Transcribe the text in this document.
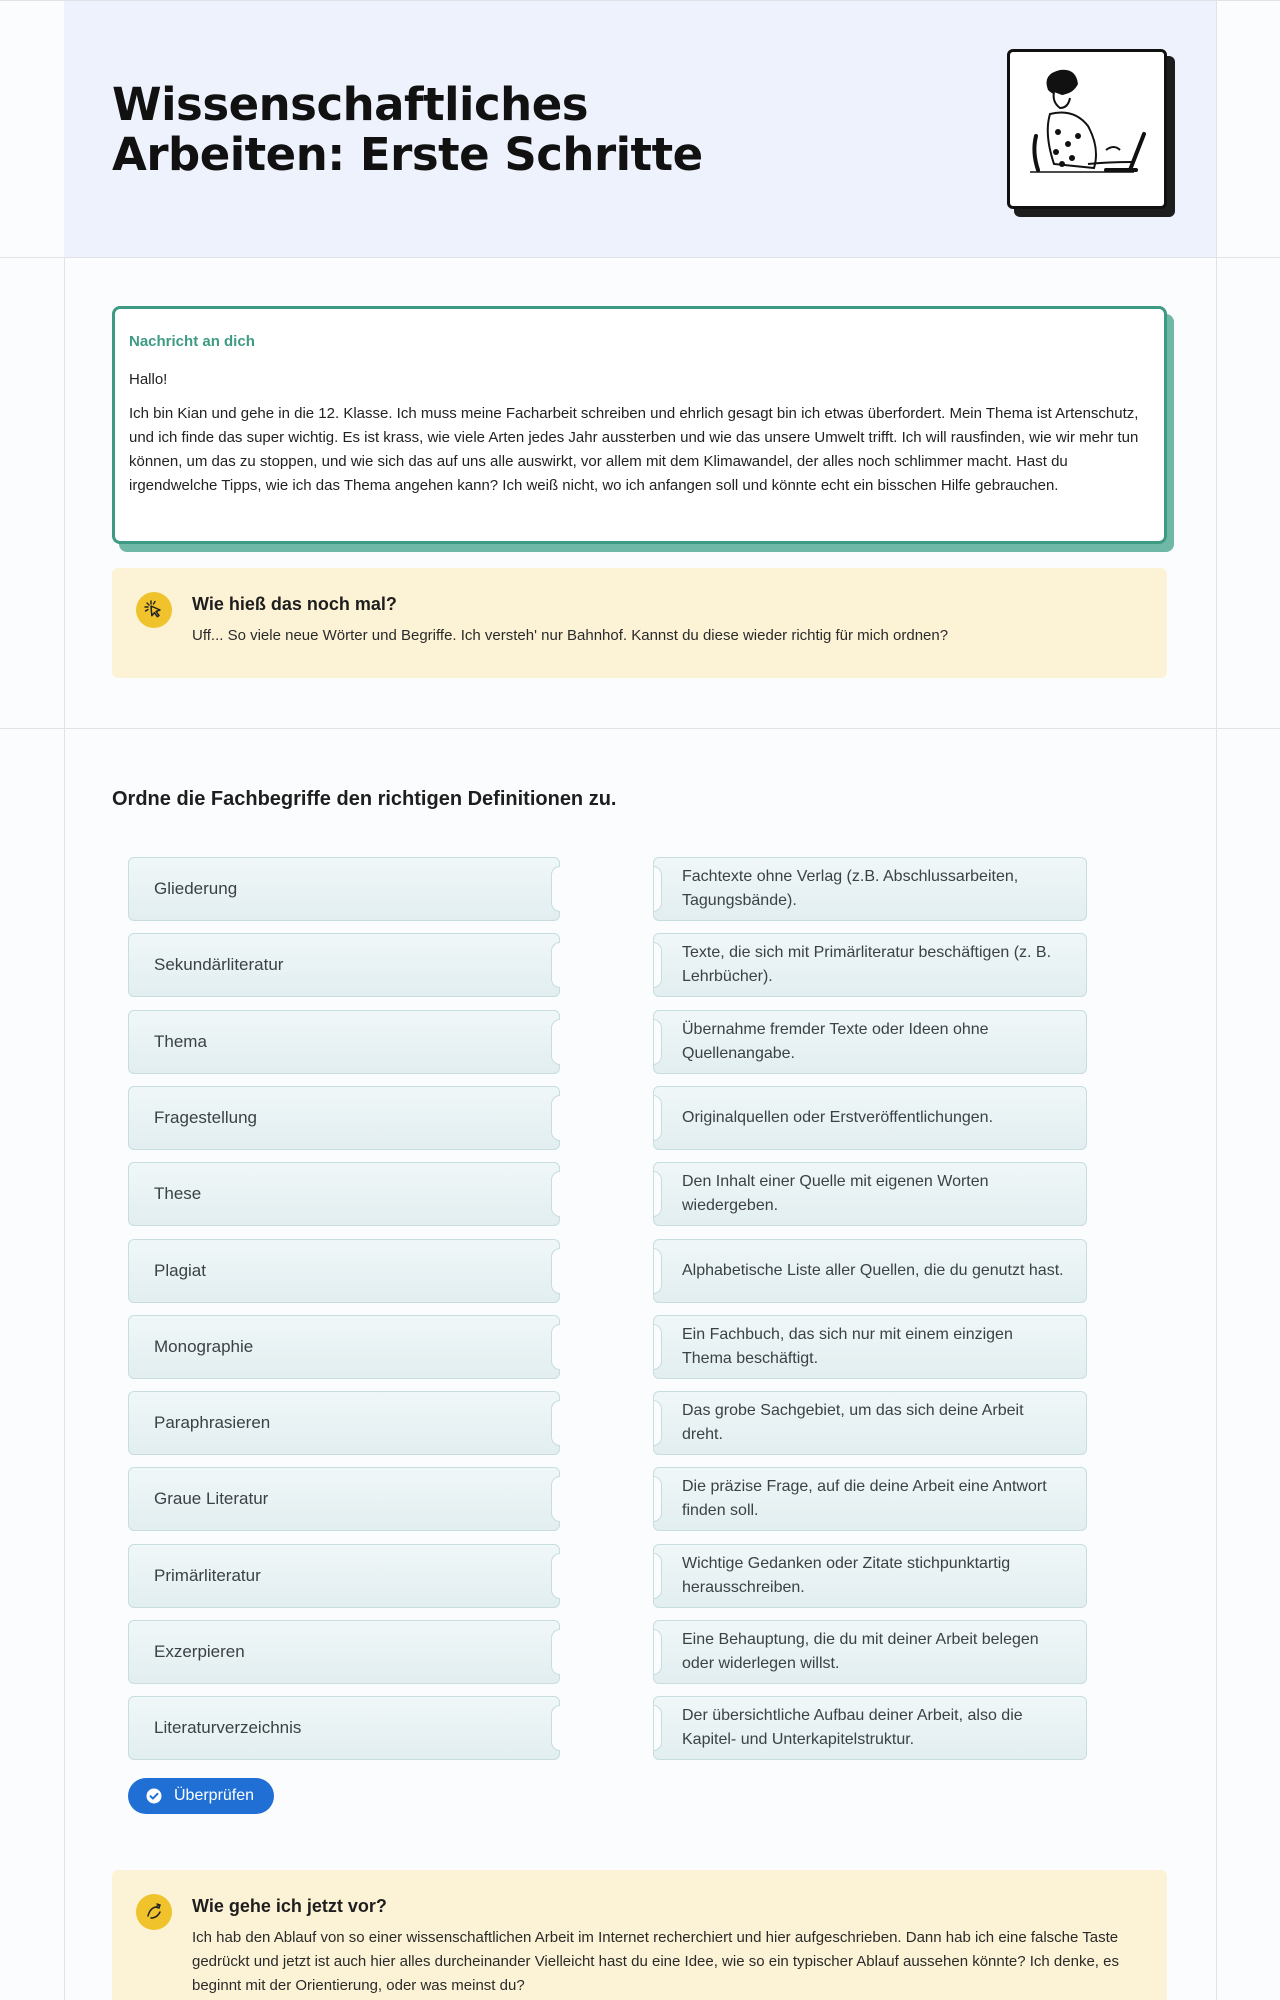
Wissenschaftliches Arbeiten: Erste Schritte
Nachricht an dich
Hallo!
Ich bin Kian und gehe in die 12. Klasse. Ich muss meine Facharbeit schreiben und ehrlich gesagt bin ich etwas überfordert. Mein Thema ist Artenschutz, und ich finde das super wichtig. Es ist krass, wie viele Arten jedes Jahr aussterben und wie das unsere Umwelt trifft. Ich will rausfinden, wie wir mehr tun können, um das zu stoppen, und wie sich das auf uns alle auswirkt, vor allem mit dem Klimawandel, der alles noch schlimmer macht. Hast du irgendwelche Tipps, wie ich das Thema angehen kann? Ich weiß nicht, wo ich anfangen soll und könnte echt ein bisschen Hilfe gebrauchen.
Wie hieß das noch mal?
Uff... So viele neue Wörter und Begriffe. Ich versteh' nur Bahnhof. Kannst du diese wieder richtig für mich ordnen?
Ordne die Fachbegriffe den richtigen Definitionen zu.
Gliederung
Sekundärliteratur
Thema
Fragestellung
These
Plagiat
Monographie
Paraphrasieren
Graue Literatur
Primärliteratur
Exzerpieren
Literaturverzeichnis
Fachtexte ohne Verlag (z.B. Abschlussarbeiten, Tagungsbände).
Texte, die sich mit Primärliteratur beschäftigen (z. B. Lehrbücher).
Übernahme fremder Texte oder Ideen ohne Quellenangabe.
Originalquellen oder Erstveröffentlichungen.
Den Inhalt einer Quelle mit eigenen Worten wiedergeben.
Alphabetische Liste aller Quellen, die du genutzt hast.
Ein Fachbuch, das sich nur mit einem einzigen Thema beschäftigt.
Das grobe Sachgebiet, um das sich deine Arbeit dreht.
Die präzise Frage, auf die deine Arbeit eine Antwort finden soll.
Wichtige Gedanken oder Zitate stichpunktartig herausschreiben.
Eine Behauptung, die du mit deiner Arbeit belegen oder widerlegen willst.
Der übersichtliche Aufbau deiner Arbeit, also die Kapitel- und Unterkapitelstruktur.
Überprüfen
Wie gehe ich jetzt vor?
Ich hab den Ablauf von so einer wissenschaftlichen Arbeit im Internet recherchiert und hier aufgeschrieben. Dann hab ich eine falsche Taste gedrückt und jetzt ist auch hier alles durcheinander Vielleicht hast du eine Idee, wie so ein typischer Ablauf aussehen könnte? Ich denke, es beginnt mit der Orientierung, oder was meinst du?
